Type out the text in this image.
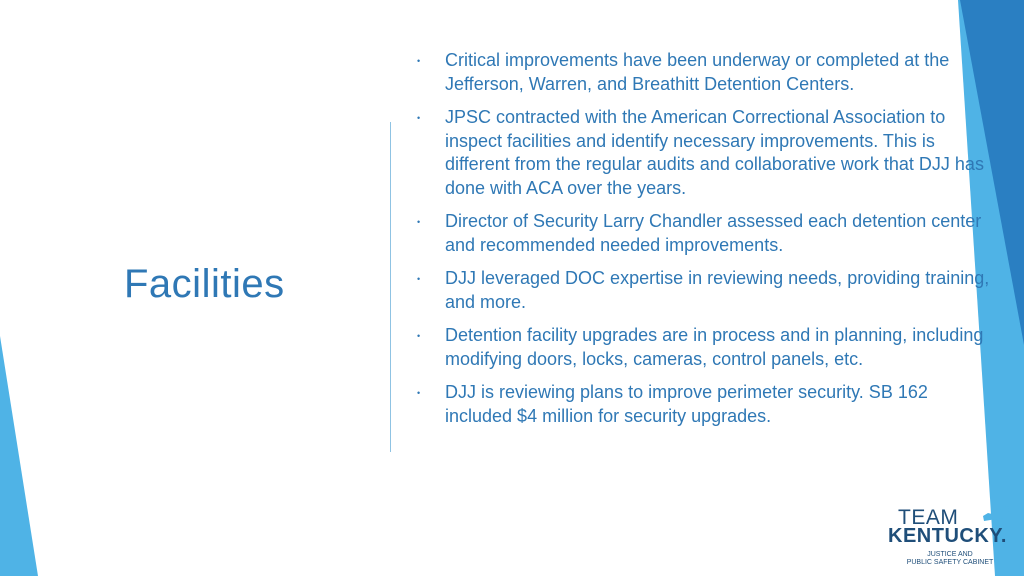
Facilities
• Critical improvements have been underway or completed at the Jefferson, Warren, and Breathitt Detention Centers.
• JPSC contracted with the American Correctional Association to inspect facilities and identify necessary improvements. This is different from the regular audits and collaborative work that DJJ has done with ACA over the years.
• Director of Security Larry Chandler assessed each detention center and recommended needed improvements.
• DJJ leveraged DOC expertise in reviewing needs, providing training, and more.
• Detention facility upgrades are in process and in planning, including modifying doors, locks, cameras, control panels, etc.
• DJJ is reviewing plans to improve perimeter security. SB 162 included $4 million for security upgrades.
TEAM
KENTUCKY.
JUSTICE AND
PUBLIC SAFETY CABINET
